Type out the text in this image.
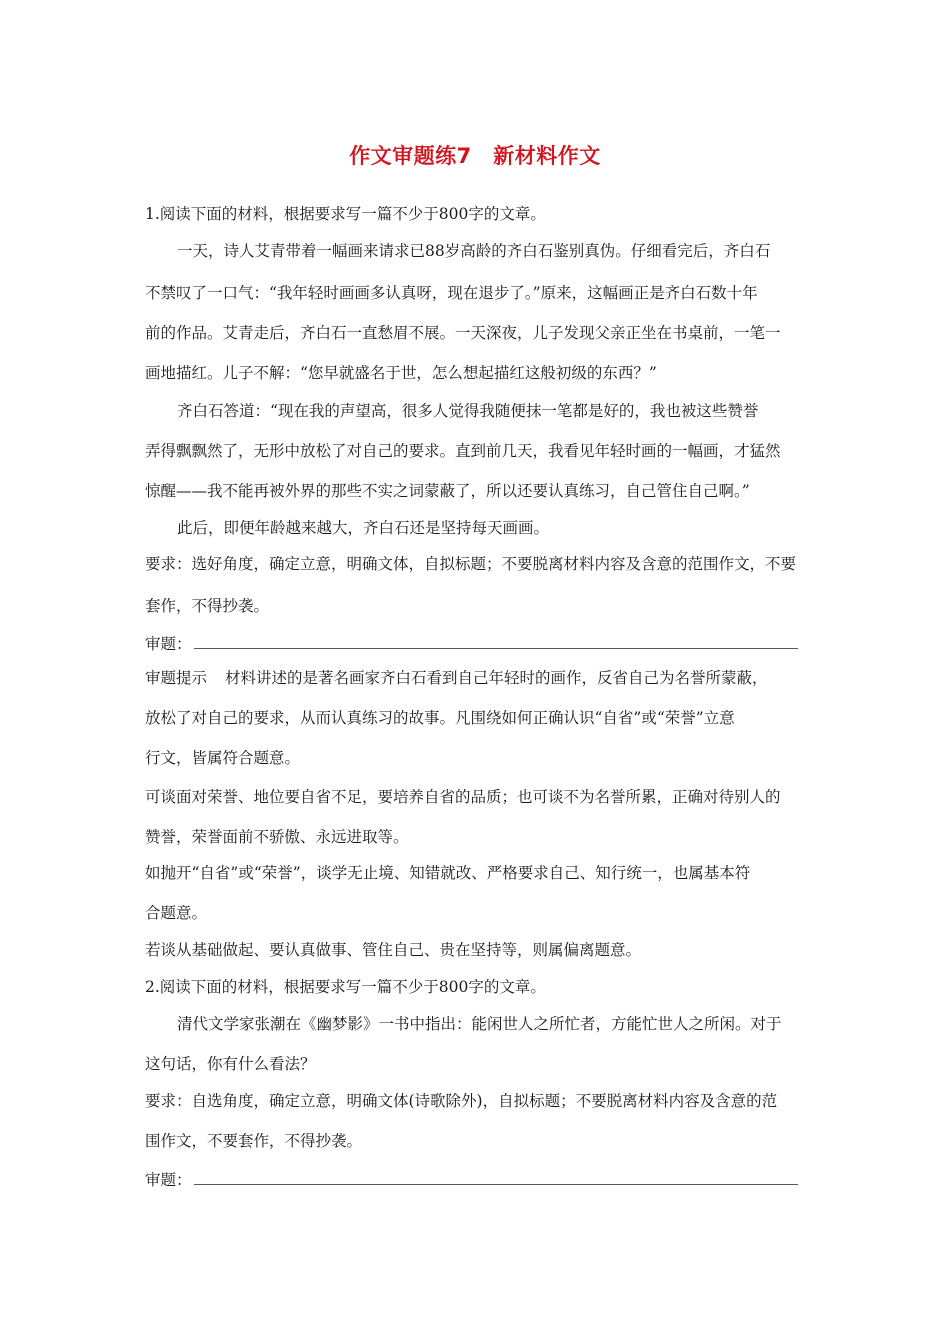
作文审题练7　新材料作文
1.阅读下面的材料，根据要求写一篇不少于800字的文章。
一天，诗人艾青带着一幅画来请求已88岁高龄的齐白石鉴别真伪。仔细看完后，齐白石
不禁叹了一口气：“我年轻时画画多认真呀，现在退步了。”原来，这幅画正是齐白石数十年
前的作品。艾青走后，齐白石一直愁眉不展。一天深夜，儿子发现父亲正坐在书桌前，一笔一
画地描红。儿子不解：“您早就盛名于世，怎么想起描红这般初级的东西？”
齐白石答道：“现在我的声望高，很多人觉得我随便抹一笔都是好的，我也被这些赞誉
弄得飘飘然了，无形中放松了对自己的要求。直到前几天，我看见年轻时画的一幅画，才猛然
惊醒——我不能再被外界的那些不实之词蒙蔽了，所以还要认真练习，自己管住自己啊。”
此后，即便年龄越来越大，齐白石还是坚持每天画画。
要求：选好角度，确定立意，明确文体，自拟标题；不要脱离材料内容及含意的范围作文，不要
套作，不得抄袭。
审题：
审题提示 材料讲述的是著名画家齐白石看到自己年轻时的画作，反省自己为名誉所蒙蔽，
放松了对自己的要求，从而认真练习的故事。凡围绕如何正确认识“自省”或“荣誉”立意
行文，皆属符合题意。
可谈面对荣誉、地位要自省不足，要培养自省的品质；也可谈不为名誉所累，正确对待别人的
赞誉，荣誉面前不骄傲、永远进取等。
如抛开“自省”或“荣誉”，谈学无止境、知错就改、严格要求自己、知行统一，也属基本符
合题意。
若谈从基础做起、要认真做事、管住自己、贵在坚持等，则属偏离题意。
2.阅读下面的材料，根据要求写一篇不少于800字的文章。
清代文学家张潮在《幽梦影》一书中指出：能闲世人之所忙者，方能忙世人之所闲。对于
这句话，你有什么看法？
要求：自选角度，确定立意，明确文体(诗歌除外)，自拟标题；不要脱离材料内容及含意的范
围作文，不要套作，不得抄袭。
审题：
